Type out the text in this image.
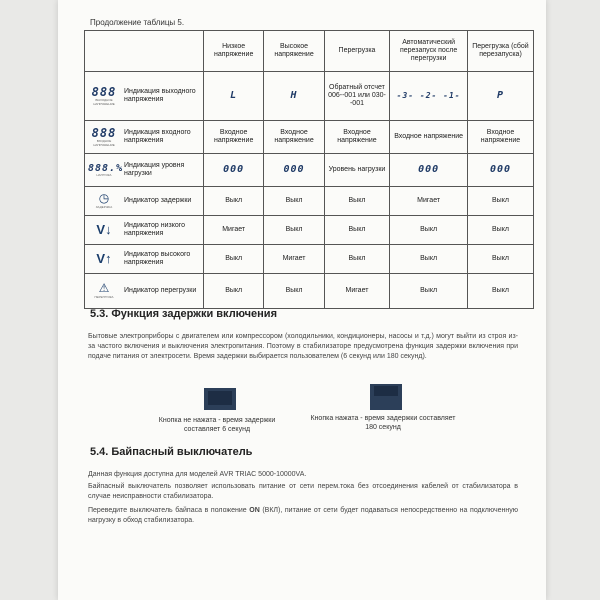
Продолжение таблицы 5.
	Низкое напряжение	Высокое напряжение	Перегрузка	Автоматический перезапуск после перегрузки	Перегрузка (сбой перезапуска)

888
ВЫХОДНОЕ НАПРЯЖЕНИЕ
Индикация выходного напряжения	L	H	Обратный отсчет 006--001 или 030--001	-3- -2- -1-	P

888
ВХОДНОЕ НАПРЯЖЕНИЕ
Индикация входного напряжения	Входное напряжение	Входное напряжение	Входное напряжение	Входное напряжение	Входное напряжение

888.%
НАГРУЗКА
Индикация уровня нагрузки	000	000	Уровень нагрузки	000	000

◷
ЗАДЕРЖКА
Индикатор задержки	Выкл	Выкл	Выкл	Мигает	Выкл

V↓ Индикатор низкого напряжения	Мигает	Выкл	Выкл	Выкл	Выкл

V↑ Индикатор высокого напряжения	Выкл	Мигает	Выкл	Выкл	Выкл

⚠
ПЕРЕГРУЗКА
Индикатор перегрузки	Выкл	Выкл	Мигает	Выкл	Выкл
5.3. Функция задержки включения
Бытовые электроприборы с двигателем или компрессором (холодильники, кондиционеры, насосы и т.д.) могут выйти из строя из-за частого включения и выключения электропитания. Поэтому в стабилизаторе предусмотрена функция задержки включения при подаче питания от электросети. Время задержки выбирается пользователем (6 секунд или 180 секунд).
Кнопка не нажата - время задержки составляет 6 секунд
Кнопка нажата - время задержки составляет 180 секунд
5.4. Байпасный выключатель
Данная функция доступна для моделей AVR TRIAC 5000-10000VA.
Байпасный выключатель позволяет использовать питание от сети перем.тока без отсоединения кабелей от стабилизатора в случае неисправности стабилизатора.
Переведите выключатель байпаса в положение ON (ВКЛ), питание от сети будет подаваться непосредственно на подключенную нагрузку в обход стабилизатора.
